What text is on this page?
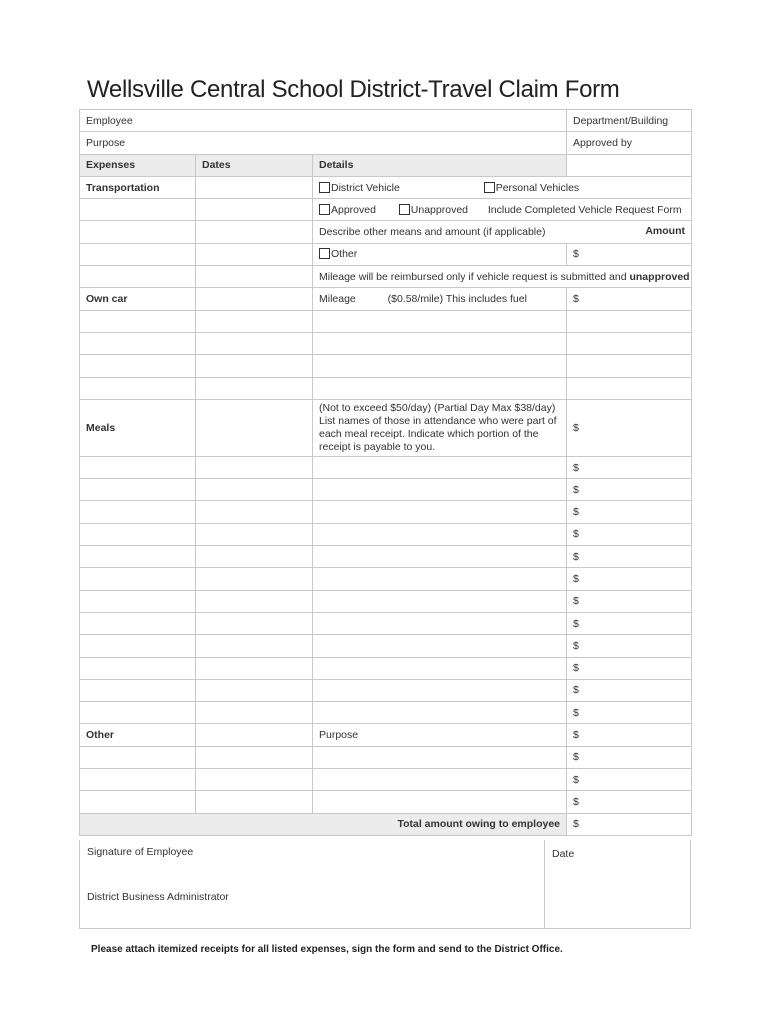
Wellsville Central School District-Travel Claim Form
Employee			Department/Building
Purpose			Approved by
Expenses	Dates	Details	
Transportation		District Vehicle Personal Vehicles	
		Approved Unapproved Include Completed Vehicle Request Form	
		Describe other means and amount (if applicable) Amount	

		Other	$
		Mileage will be reimbursed only if vehicle request is submitted and unapproved	
Own car		Mileage ($0.58/mile) This includes fuel	$

Meals		(Not to exceed $50/day) (Partial Day Max $38/day) List names of those in attendance who were part of each meal receipt. Indicate which portion of the receipt is payable to you.	$
			$
			$
			$
			$
			$
			$
			$
			$
			$
			$
			$
			$
Other		Purpose	$
			$
			$
			$
Total amount owing to employee			$
Signature of Employee
District Business Administrator
Date
Please attach itemized receipts for all listed expenses, sign the form and send to the District Office.
